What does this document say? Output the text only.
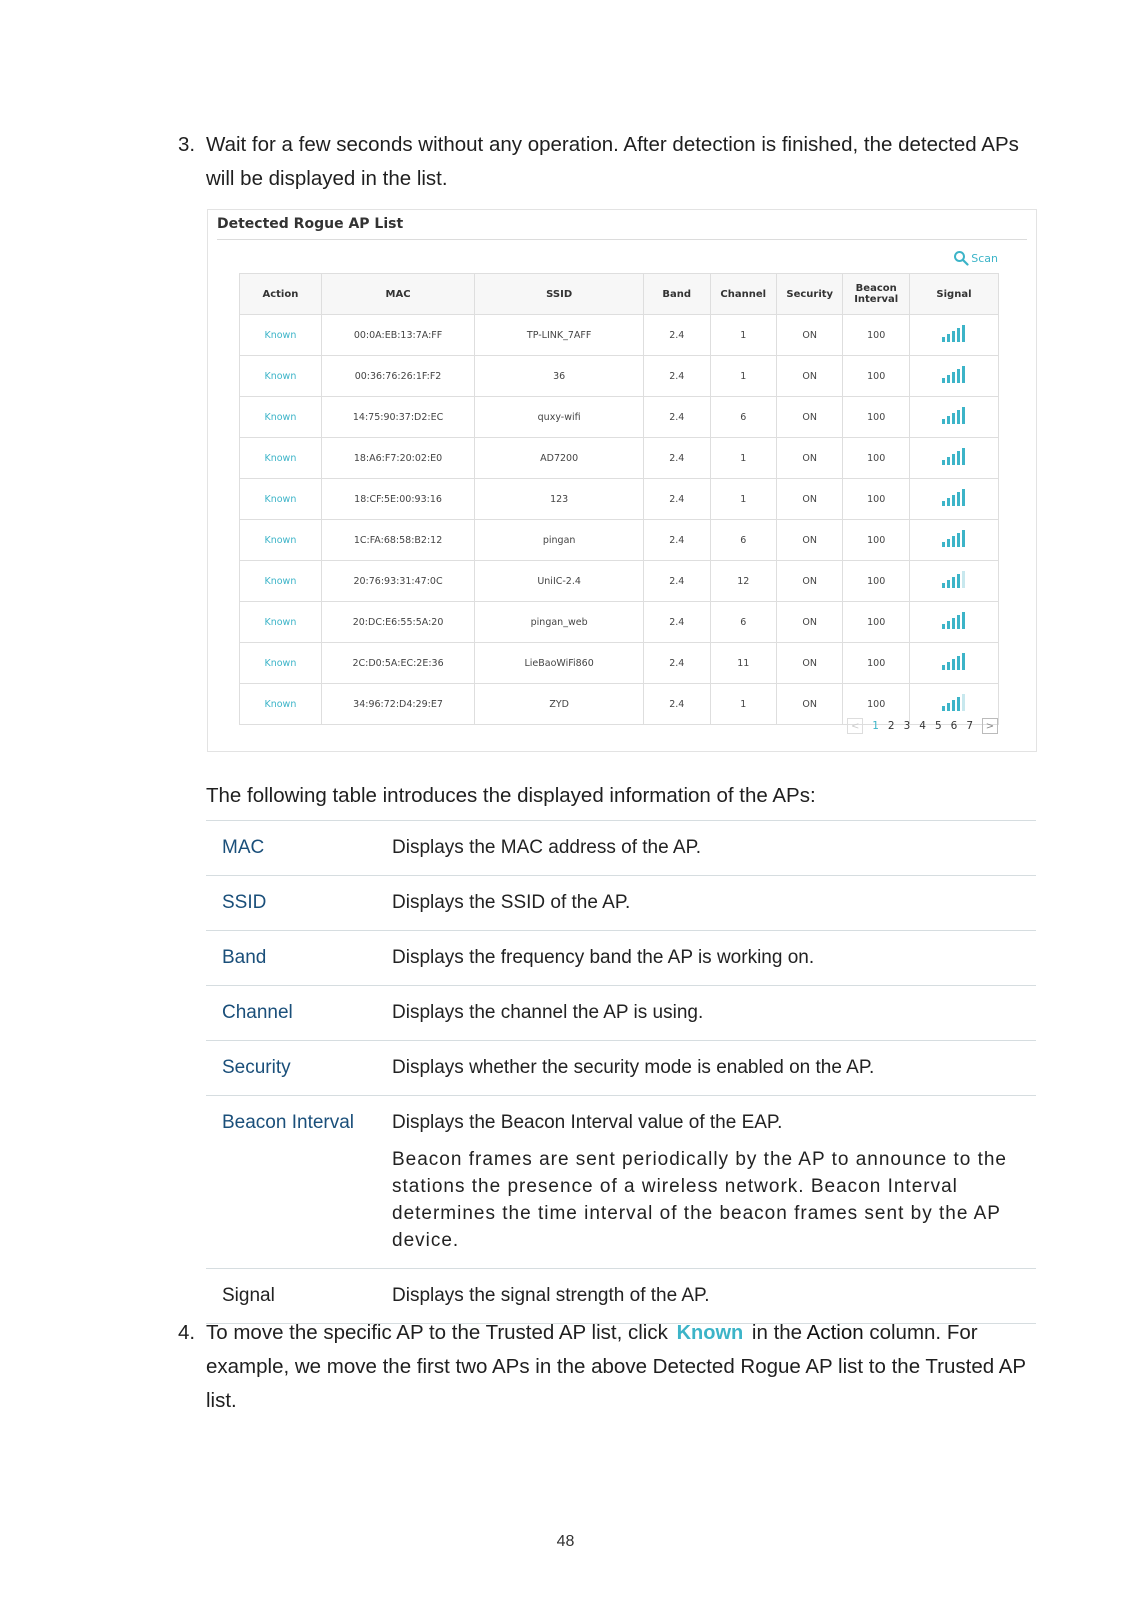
3. Wait for a few seconds without any operation. After detection is finished, the detected APs will be displayed in the list.
Detected Rogue AP List
Scan
Action	MAC	SSID	Band	Channel	Security	Beacon Interval	Signal
Known	00:0A:EB:13:7A:FF	TP-LINK_7AFF	2.4	1	ON	100	

Known	00:36:76:26:1F:F2	36	2.4	1	ON	100	

Known	14:75:90:37:D2:EC	quxy-wifi	2.4	6	ON	100	

Known	18:A6:F7:20:02:E0	AD7200	2.4	1	ON	100	

Known	18:CF:5E:00:93:16	123	2.4	1	ON	100	

Known	1C:FA:68:58:B2:12	pingan	2.4	6	ON	100	

Known	20:76:93:31:47:0C	UniIC-2.4	2.4	12	ON	100	

Known	20:DC:E6:55:5A:20	pingan_web	2.4	6	ON	100	

Known	2C:D0:5A:EC:2E:36	LieBaoWiFi860	2.4	11	ON	100	

Known	34:96:72:D4:29:E7	ZYD	2.4	1	ON	100	
<	1 2 3 4 5 6 7	>
The following table introduces the displayed information of the APs:
MAC	Displays the MAC address of the AP.

SSID	Displays the SSID of the AP.

Band	Displays the frequency band the AP is working on.

Channel	Displays the channel the AP is using.

Security	Displays whether the security mode is enabled on the AP.

Beacon Interval	Displays the Beacon Interval value of the EAP.
Beacon frames are sent periodically by the AP to announce to the stations the presence of a wireless network. Beacon Interval determines the time interval of the beacon frames sent by the AP device.

Signal	Displays the signal strength of the AP.
4. To move the specific AP to the Trusted AP list, click Known in the Action column. For example, we move the first two APs in the above Detected Rogue AP list to the Trusted AP list.
48
